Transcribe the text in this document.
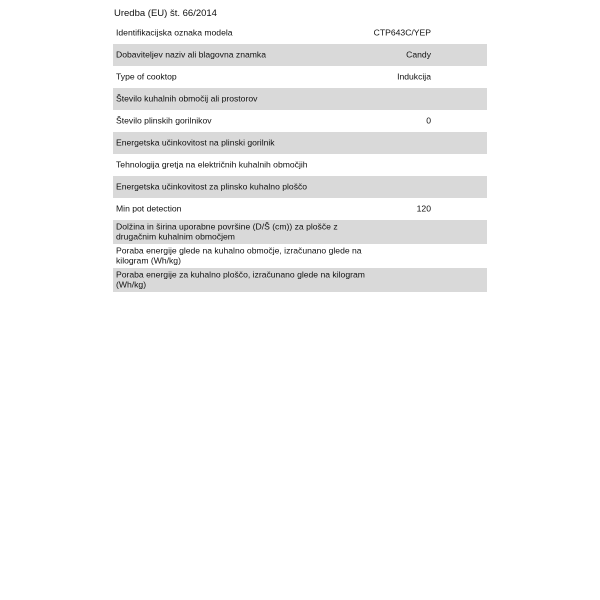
Uredba (EU) št. 66/2014
Identifikacijska oznaka modela	CTP643C/YEP
Dobavitelјev naziv ali blagovna znamka	Candy
Type of cooktop	Indukcija
Število kuhalnih območij ali prostorov
Število plinskih gorilnikov	0
Energetska učinkovitost na plinski gorilnik
Tehnologija gretja na električnih kuhalnih območjih
Energetska učinkovitost za plinsko kuhalno ploščo
Min pot detection	120
Dolžina in širina uporabne površine (D/Š (cm)) za plošče z drugačnim kuhalnim območjem
Poraba energije glede na kuhalno območje, izračunano glede na kilogram (Wh/kg)
Poraba energije za kuhalno ploščo, izračunano glede na kilogram (Wh/kg)
